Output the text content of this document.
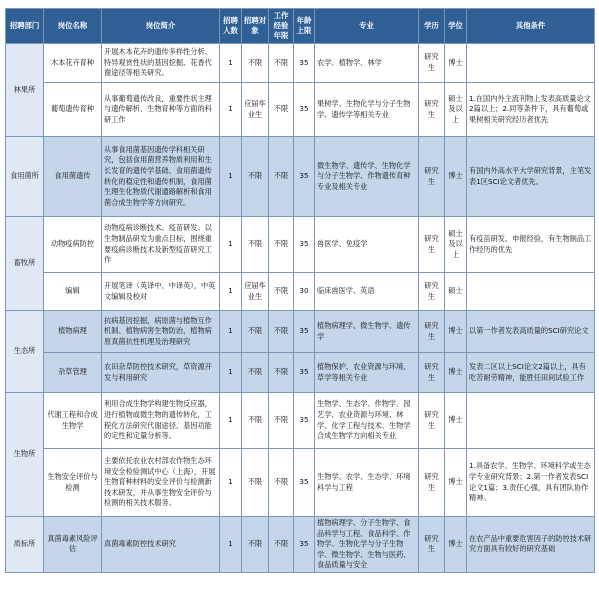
招聘部门	岗位名称	岗位简介	招聘人数	招聘对象	工作经验年限	年龄上限	专业	学历	学位	其他条件
林果所	木本花卉育种	开展木本花卉的遗传多样性分析、特异观赏性状的基因挖掘、花香代谢途径等相关研究。	1	不限	不限	35	农学、植物学、林学	研究生	博士	
	葡萄遗传育种	从事葡萄遗传改良，重要性状主理与遗传解析、生物育种等方面的科研工作	1	应届毕业生	不限	35	果树学、生物化学与分子生物学、遗传学等相关专业	研究生	硕士及以上	1.在国内外主流刊物上发表高质量论文2篇以上；2.同等条件下，具有葡萄或果树相关研究经历者优先
食用菌所	食用菌遗传	从事食用菌基因遗传学科相关研究，包括食用菌营养物质利用和生长发育的遗传学基础、食用菌遗传转化的稳定性和遗传机制，食用菌生理生化物质代谢通路解析和食用菌合成生物学等方向研究。	1	不限	不限	35	微生物学、遗传学、生物化学与分子生物学、作物遗传育种专业及相关专业	研究生	博士	有国内外高水平大学研究背景，主笔发表1区SCI论文者优先。
畜牧所	动物疫病防控	动物疫病诊断技术、疫苗研发。以生物制品研发为重点目标，围绕重要疫病诊断技术及新型疫苗研究工作	1	不限	不限	35	兽医学、免疫学	研究生	硕士及以上	有疫苗研发、申报经验，有生物制品工作经历的优先
	编辑	开展笔译（英译中、中译英），中英文编辑及校对	1	应届毕业生	不限	30	临床兽医学、英语	研究生	硕士	
生态所	植物病理	抗病基因挖掘，病原菌与植物互作机制、植物病害生物防治，植物病原真菌抗性机理及治理研究	1	不限	不限	35	植物病理学、微生物学、遗传学	研究生	博士	以第一作者发表高质量的SCI研究论文
	杂草管理	农田杂草防控技术研究，草资源开发与利用研究	1	不限	不限	35	植物保护、农业资源与环境、草学等相关专业	研究生	博士	发表二区以上SCI论文2篇以上，具有吃苦耐劳精神，能胜任田间试验工作
生物所	代谢工程和合成生物学	利用合成生物学构建生物反应器，进行植物或微生物的遗传转化，工程化方法研究代谢途径、基因功能的定性和定量分析等。	1	不限	不限	35	生物学、生态学、作物学、园艺学、农业资源与环境、林学、化学工程与技术、生物学合成生物学方向相关专业	研究生	博士	
	生物安全评价与检测	主要依托农业农村部农作物生态环境安全检验测试中心（上海），开展生物育种材料的安全评价与检测新技术研发，并从事生物安全评价与检测的相关技术服务。	1	不限	不限	35	生物学、农学、生态学、环境科学与工程	研究生	博士	1.具备农学、生物学、环境科学或生态学专业研究背景；2.第一作者发表SCI论文1篇；3.责任心强，具有团队协作精神。
质标所	真菌毒素风险评估	真菌毒素防控技术研究	1	不限	不限	35	植物病理学、分子生物学、食品科学与工程、食品科学、作物学、生物化学与分子生物学、微生物学、生物与医药、食品质量与安全	研究生	博士	在农产品中重要危害因子的防控技术研究方面具有较好的研究基础
